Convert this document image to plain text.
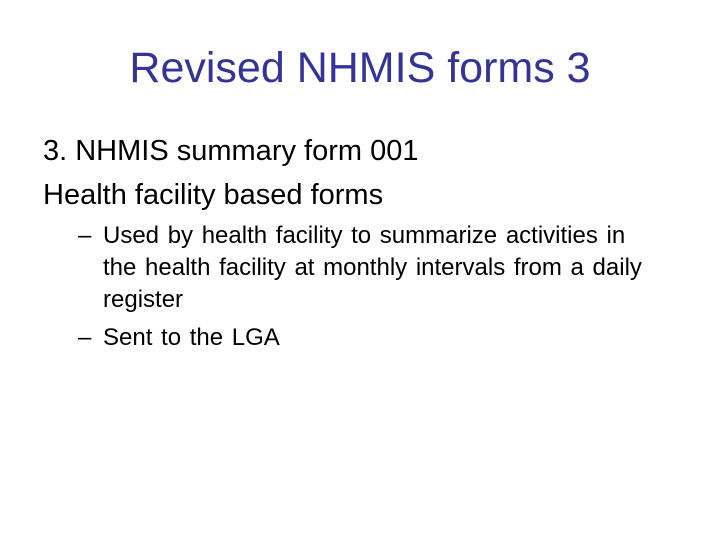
Revised NHMIS forms 3

3. NHMIS summary form 001

Health facility based forms

– Used by health facility to summarize activities in the health facility at monthly intervals from a daily register

– Sent to the LGA
